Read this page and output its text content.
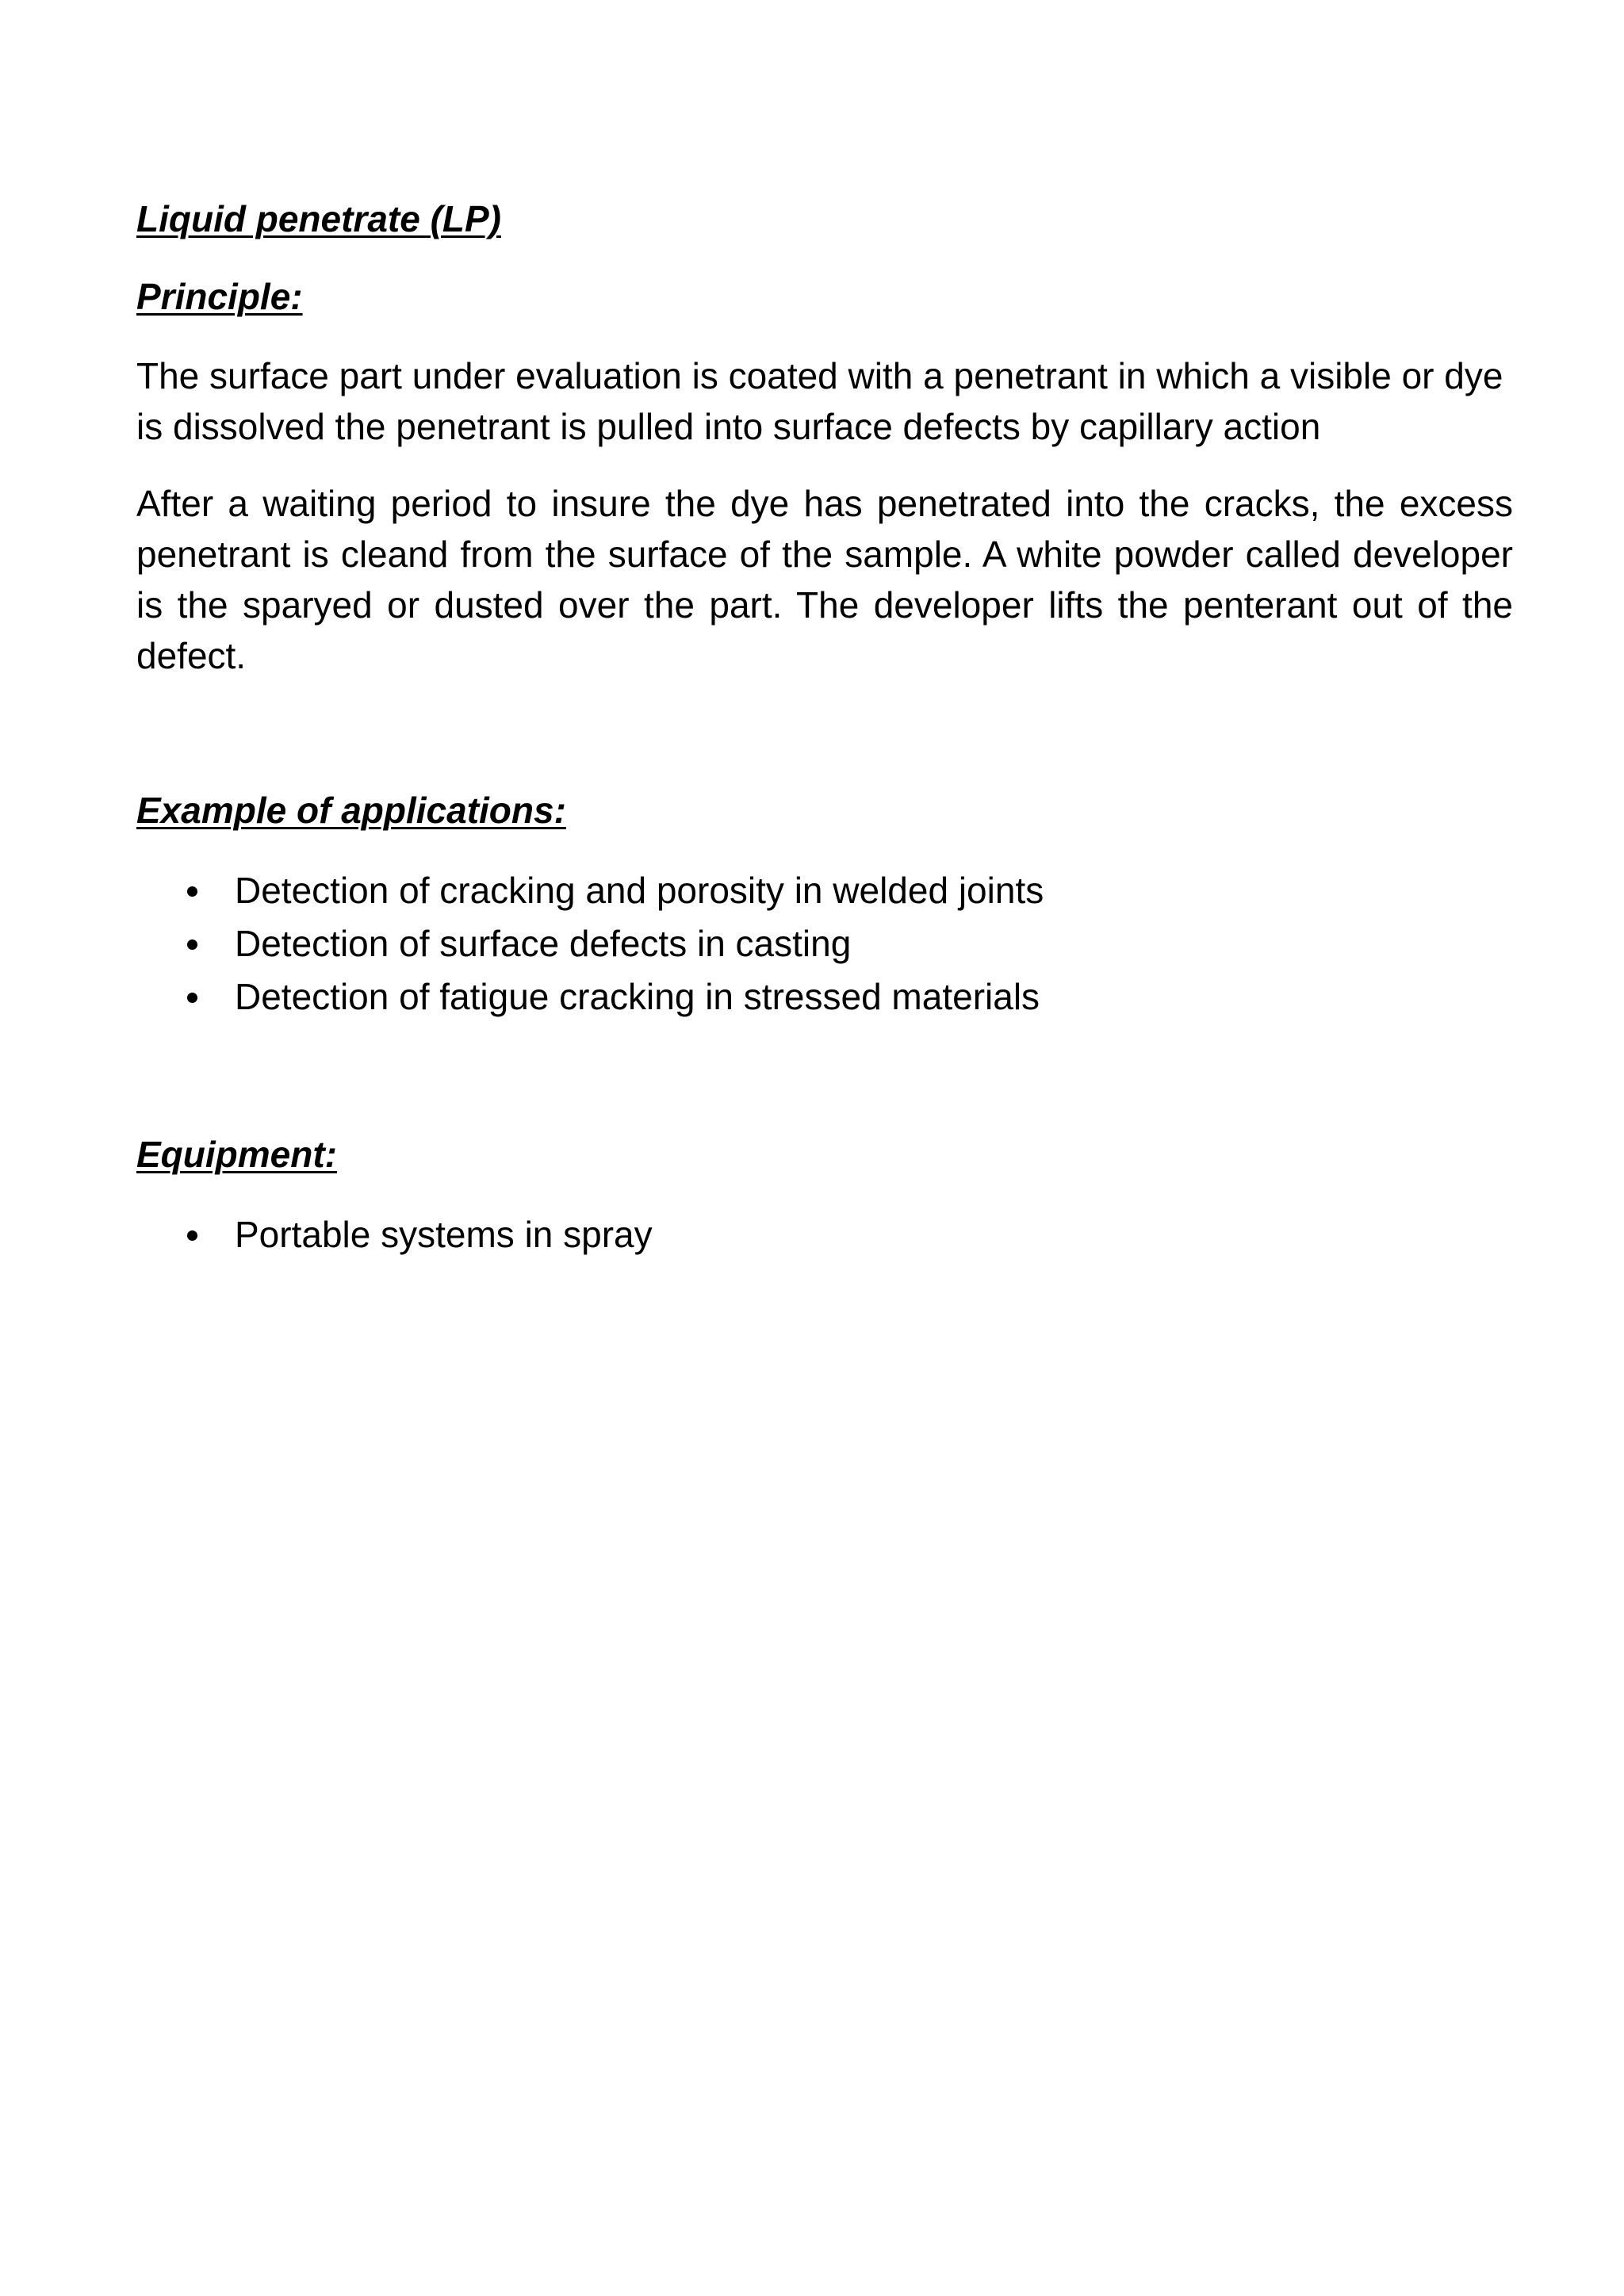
Liquid penetrate (LP)
Principle:

The surface part under evaluation is coated with a penetrant in which a visible or dye is dissolved the penetrant is pulled into surface defects by capillary action

After a waiting period to insure the dye has penetrated into the cracks, the excess penetrant is cleand from the surface of the sample. A white powder called developer is the sparyed or dusted over the part. The developer lifts the penterant out of the defect.

Example of applications:
Detection of cracking and porosity in welded joints
Detection of surface defects in casting
Detection of fatigue cracking in stressed materials
Equipment:
Portable systems in spray
